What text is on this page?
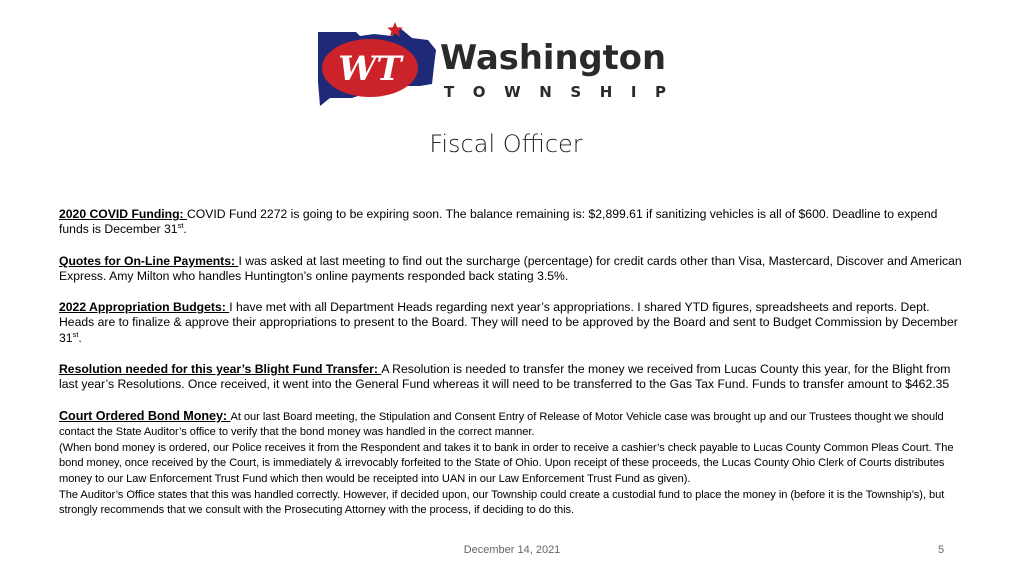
WT Washington
TOWNSHIP
Fiscal Officer

2020 COVID Funding: COVID Fund 2272 is going to be expiring soon. The balance remaining is: $2,899.61 if sanitizing vehicles is all of $600. Deadline to expend funds is December 31st.

Quotes for On-Line Payments: I was asked at last meeting to find out the surcharge (percentage) for credit cards other than Visa, Mastercard, Discover and American Express. Amy Milton who handles Huntington’s online payments responded back stating 3.5%.

2022 Appropriation Budgets: I have met with all Department Heads regarding next year’s appropriations. I shared YTD figures, spreadsheets and reports. Dept. Heads are to finalize & approve their appropriations to present to the Board. They will need to be approved by the Board and sent to Budget Commission by December 31st.

Resolution needed for this year’s Blight Fund Transfer: A Resolution is needed to transfer the money we received from Lucas County this year, for the Blight from last year’s Resolutions. Once received, it went into the General Fund whereas it will need to be transferred to the Gas Tax Fund. Funds to transfer amount to $462.35

Court Ordered Bond Money: At our last Board meeting, the Stipulation and Consent Entry of Release of Motor Vehicle case was brought up and our Trustees thought we should contact the State Auditor’s office to verify that the bond money was handled in the correct manner.
(When bond money is ordered, our Police receives it from the Respondent and takes it to bank in order to receive a cashier’s check payable to Lucas County Common Pleas Court. The bond money, once received by the Court, is immediately & irrevocably forfeited to the State of Ohio. Upon receipt of these proceeds, the Lucas County Ohio Clerk of Courts distributes money to our Law Enforcement Trust Fund which then would be receipted into UAN in our Law Enforcement Trust Fund as given).
The Auditor’s Office states that this was handled correctly. However, if decided upon, our Township could create a custodial fund to place the money in (before it is the Township’s), but strongly recommends that we consult with the Prosecuting Attorney with the process, if deciding to do this.

December 14, 2021	5
